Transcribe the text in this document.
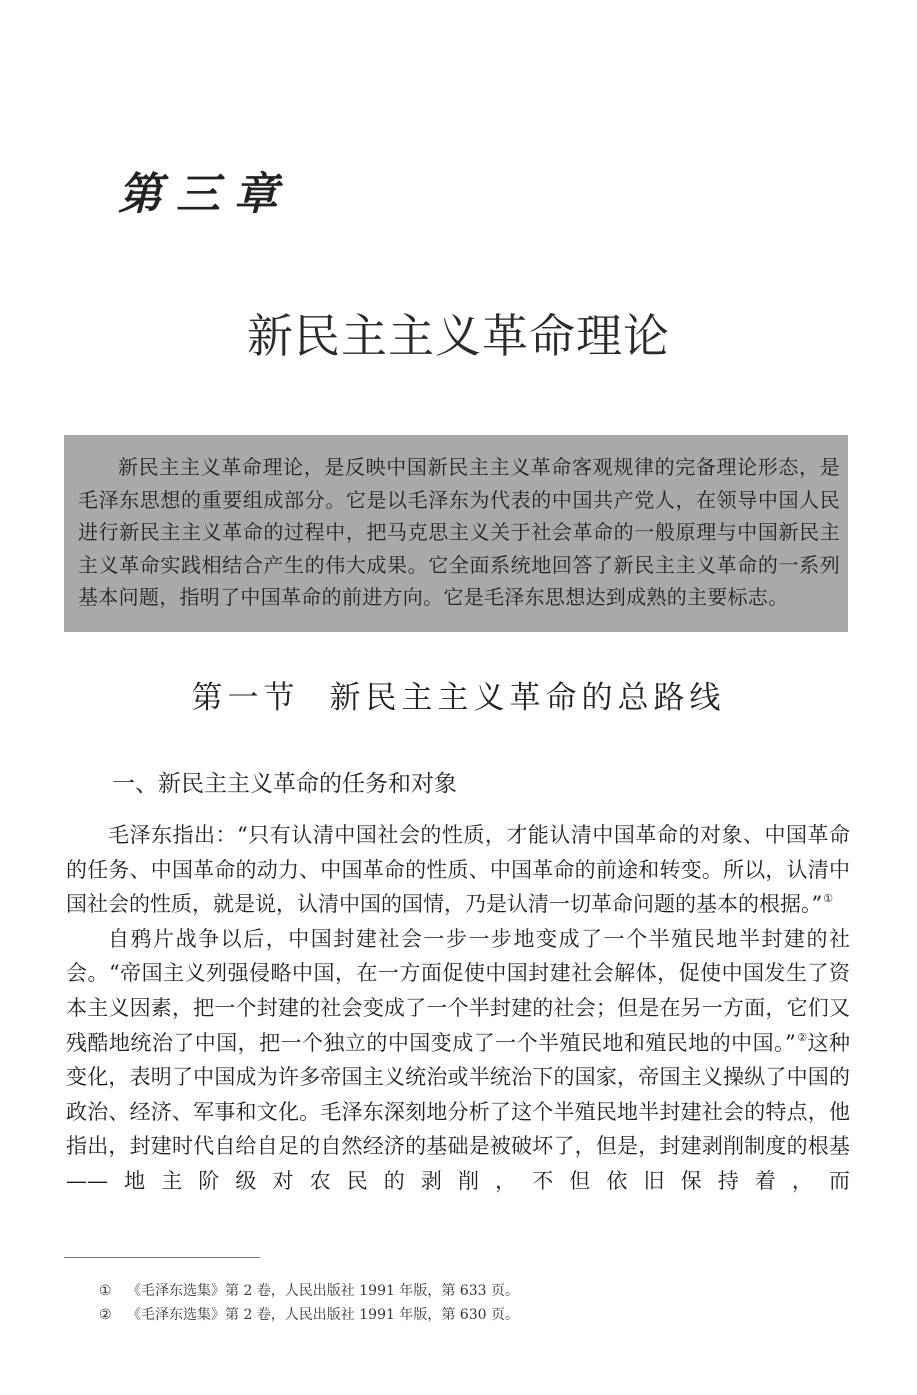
第三章
新民主主义革命理论

新民主主义革命理论，是反映中国新民主主义革命客观规律的完备理论形态，是毛泽东思想的重要组成部分。它是以毛泽东为代表的中国共产党人，在领导中国人民进行新民主主义革命的过程中，把马克思主义关于社会革命的一般原理与中国新民主主义革命实践相结合产生的伟大成果。它全面系统地回答了新民主主义革命的一系列基本问题，指明了中国革命的前进方向。它是毛泽东思想达到成熟的主要标志。

第一节 新民主主义革命的总路线
一、新民主主义革命的任务和对象

毛泽东指出：“只有认清中国社会的性质，才能认清中国革命的对象、中国革命的任务、中国革命的动力、中国革命的性质、中国革命的前途和转变。所以，认清中国社会的性质，就是说，认清中国的国情，乃是认清一切革命问题的基本的根据。”①

自鸦片战争以后，中国封建社会一步一步地变成了一个半殖民地半封建的社会。“帝国主义列强侵略中国，在一方面促使中国封建社会解体，促使中国发生了资本主义因素，把一个封建的社会变成了一个半封建的社会；但是在另一方面，它们又残酷地统治了中国，把一个独立的中国变成了一个半殖民地和殖民地的中国。”②这种变化，表明了中国成为许多帝国主义统治或半统治下的国家，帝国主义操纵了中国的政治、经济、军事和文化。毛泽东深刻地分析了这个半殖民地半封建社会的特点，他指出，封建时代自给自足的自然经济的基础是被破坏了，但是，封建剥削制度的根基——地主阶级对农民的剥削，不但依旧保持着，而

① 《毛泽东选集》第 2 卷，人民出版社 1991 年版，第 633 页。
② 《毛泽东选集》第 2 卷，人民出版社 1991 年版，第 630 页。
